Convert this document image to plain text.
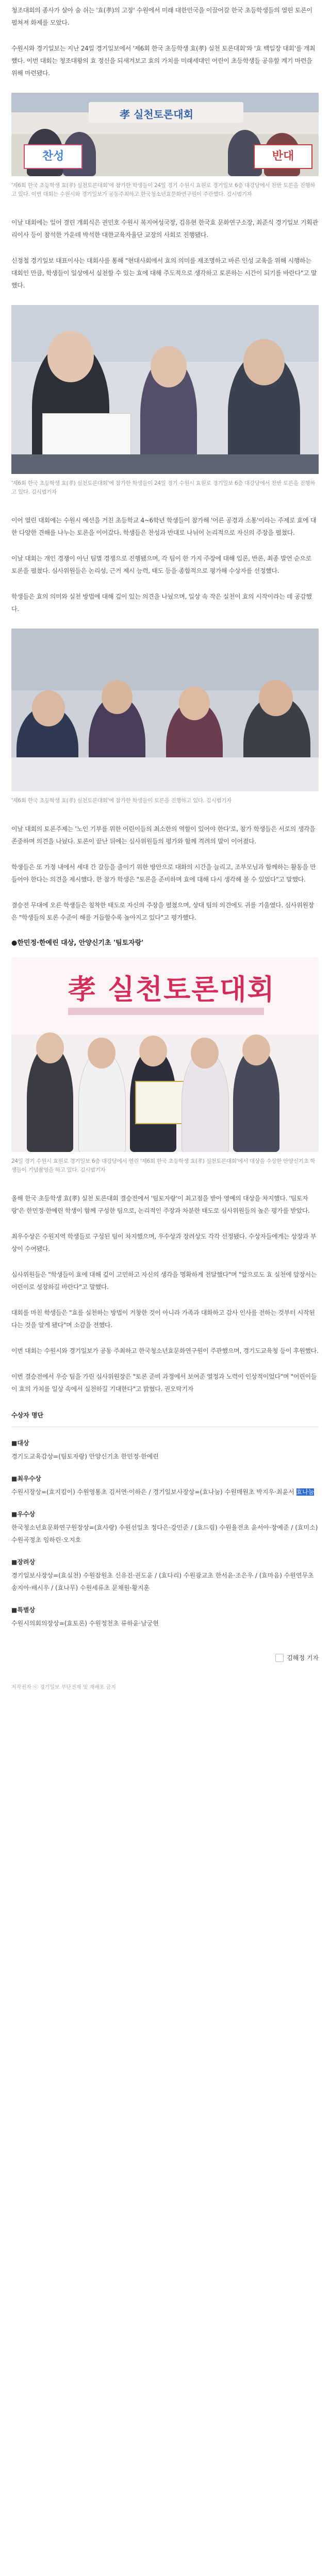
청조대회의 종사가 살아 숨 쉬는 '효(孝)의 고장' 수원에서 미래 대한민국을 이끌어갈 한국 초등학생들의 열띤 토론이 펼쳐져 화제를 모았다.

수원시와 경기일보는 지난 24일 경기일보에서 '제6회 한국 초등학생 효(孝) 실천 토론대회'와 '효 백일장 대회'를 개최했다. 이번 대회는 청조대왕의 효 정신을 되새겨보고 효의 가치를 미래세대인 어린이 초등학생들 공유할 계기 마련을 위해 마련됐다.

孝 실천토론대회
찬성	반대
'제6회 한국 초등학생 효(孝) 실천토론대회'에 참가한 학생들이 24일 경기 수원시 효원로 경기일보 6층 대강당에서 찬반 토론을 진행하고 있다. 이번 대회는 수원시와 경기일보가 공동주최하고 한국청소년효문화연구원이 주관했다. 김시범기자

이날 대회에는 일어 결린 개회식은 권민호 수원시 복지여성국장, 김유현 한국효 문화연구소장, 최준식 경기일보 기획관리이사 등이 참석한 가운데 박석한 대한교육자율단 교장의 사회로 진행됐다.

신정철 경기일보 대표이사는 대회사를 통해 "현대사회에서 효의 의미를 재조명하고 바른 인성 교육을 위해 시행하는 대회인 만큼, 학생들이 일상에서 실천할 수 있는 효에 대해 주도적으로 생각하고 토론하는 시간이 되기를 바란다"고 말했다.

'제6회 한국 초등학생 효(孝) 실천토론대회'에 참가한 학생들이 24일 경기 수원시 효원로 경기일보 6층 대강당에서 찬반 토론을 진행하고 있다. 김시범기자

이어 열린 대회에는 수원시 예선을 거친 초등학교 4~6학년 학생들이 참가해 '어른 공경과 소통'이라는 주제로 효에 대한 다양한 견해를 나누는 토론을 이어갔다. 학생들은 찬성과 반대로 나뉘어 논리적으로 자신의 주장을 펼쳤다.

이날 대회는 개인 경쟁이 아닌 팀별 경쟁으로 진행됐으며, 각 팀이 한 가지 주장에 대해 입론, 반론, 최종 발언 순으로 토론을 펼쳤다. 심사위원들은 논리성, 근거 제시 능력, 태도 등을 종합적으로 평가해 수상자를 선정했다.

학생들은 효의 의미와 실천 방법에 대해 깊이 있는 의견을 나눴으며, 일상 속 작은 실천이 효의 시작이라는 데 공감했다.

'제6회 한국 초등학생 효(孝) 실천토론대회'에 참가한 학생들이 토론을 진행하고 있다. 김시범기자

이날 대회의 토론주제는 '노인 기부를 위한 어린이들의 최소한의 역할이 있어야 한다'로, 참가 학생들은 서로의 생각을 존중하며 의견을 나눴다. 토론이 끝난 뒤에는 심사위원들의 평가와 함께 격려의 말이 이어졌다.

학생들은 또 가정 내에서 세대 간 갈등을 줄이기 위한 방안으로 대화의 시간을 늘리고, 조부모님과 함께하는 활동을 만들어야 한다는 의견을 제시했다. 한 참가 학생은 "토론을 준비하며 효에 대해 다시 생각해 볼 수 있었다"고 말했다.

결승전 무대에 오른 학생들은 침착한 태도로 자신의 주장을 펼쳤으며, 상대 팀의 의견에도 귀를 기울였다. 심사위원장은 "학생들의 토론 수준이 해를 거듭할수록 높아지고 있다"고 평가했다.

●한민정·한예린 대상, 안양신기초 '팀토자랑'
孝 실천토론대회
24일 경기 수원시 효원로 경기일보 6층 대강당에서 열린 '제6회 한국 초등학생 효(孝) 실천토론대회'에서 대상을 수상한 안양신기초 학생들이 기념촬영을 하고 있다. 김시범기자

올해 한국 초등학생 효(孝) 실천 토론대회 결승전에서 '팀토자랑'이 최고점을 받아 영예의 대상을 차지했다. '팀토자랑'은 한민정·한예린 학생이 함께 구성한 팀으로, 논리적인 주장과 차분한 태도로 심사위원들의 높은 평가를 받았다.

최우수상은 수원지역 학생들로 구성된 팀이 차지했으며, 우수상과 장려상도 각각 선정됐다. 수상자들에게는 상장과 부상이 수여됐다.

심사위원들은 "학생들이 효에 대해 깊이 고민하고 자신의 생각을 명확하게 전달했다"며 "앞으로도 효 실천에 앞장서는 어린이로 성장하길 바란다"고 말했다.

대회를 마친 학생들은 "효를 실천하는 방법이 거창한 것이 아니라 가족과 대화하고 감사 인사를 전하는 것부터 시작된다는 것을 알게 됐다"며 소감을 전했다.

이번 대회는 수원시와 경기일보가 공동 주최하고 한국청소년효문화연구원이 주관했으며, 경기도교육청 등이 후원했다.

이번 결승전에서 우승 팀을 가린 심사위원장은 "토론 준비 과정에서 보여준 열정과 노력이 인상적이었다"며 "어린이들이 효의 가치를 일상 속에서 실천하길 기대한다"고 밝혔다. 권오탁기자

수상자 명단
■대상
경기도교육감상=(팀토자랑) 안양신기초 한민정·한예린
■최우수상
수원시장상=(효지킴이) 수원영통초 김서연·이하은 / 경기일보사장상=(효나눔) 수원매원초 박지우·최윤서 효나눔
■우수상
한국청소년효문화연구원장상=(효사랑) 수원선일초 정다은·강민준 / (효드림) 수원율전초 윤서아·장예준 / (효미소) 수원곡정초 임하린·오지호
■장려상
경기일보사장상=(효실천) 수원잠원초 신유진·권도윤 / (효다리) 수원광교초 한서윤·조은우 / (효마음) 수원연무초 송지아·배시우 / (효나무) 수원세류초 문채원·황지훈
■특별상
수원시의회의장상=(효토론) 수원정천초 류하윤·남궁현
김해정 기자
저작권자 ⓒ 경기일보 무단전재 및 재배포 금지
